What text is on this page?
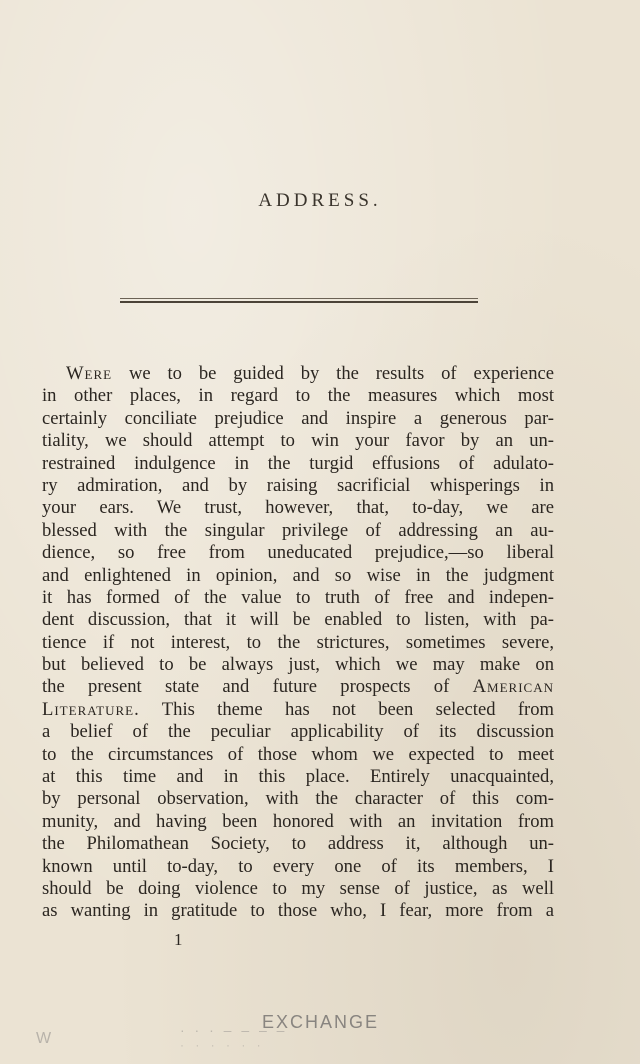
ADDRESS.
Were we to be guided by the results of experience
in other places, in regard to the measures which most
certainly conciliate prejudice and inspire a generous par-
tiality, we should attempt to win your favor by an un-
restrained indulgence in the turgid effusions of adulato-
ry admiration, and by raising sacrificial whisperings in
your ears. We trust, however, that, to-day, we are
blessed with the singular privilege of addressing an au-
dience, so free from uneducated prejudice,—so liberal
and enlightened in opinion, and so wise in the judgment
it has formed of the value to truth of free and indepen-
dent discussion, that it will be enabled to listen, with pa-
tience if not interest, to the strictures, sometimes severe,
but believed to be always just, which we may make on
the present state and future prospects of American
Literature. This theme has not been selected from
a belief of the peculiar applicability of its discussion
to the circumstances of those whom we expected to meet
at this time and in this place. Entirely unacquainted,
by personal observation, with the character of this com-
munity, and having been honored with an invitation from
the Philomathean Society, to address it, although un-
known until to-day, to every one of its members, I
should be doing violence to my sense of justice, as well
as wanting in gratitude to those who, I fear, more from a
1
W	· · · – – – –
EXCHANGE
· · · · · ·
